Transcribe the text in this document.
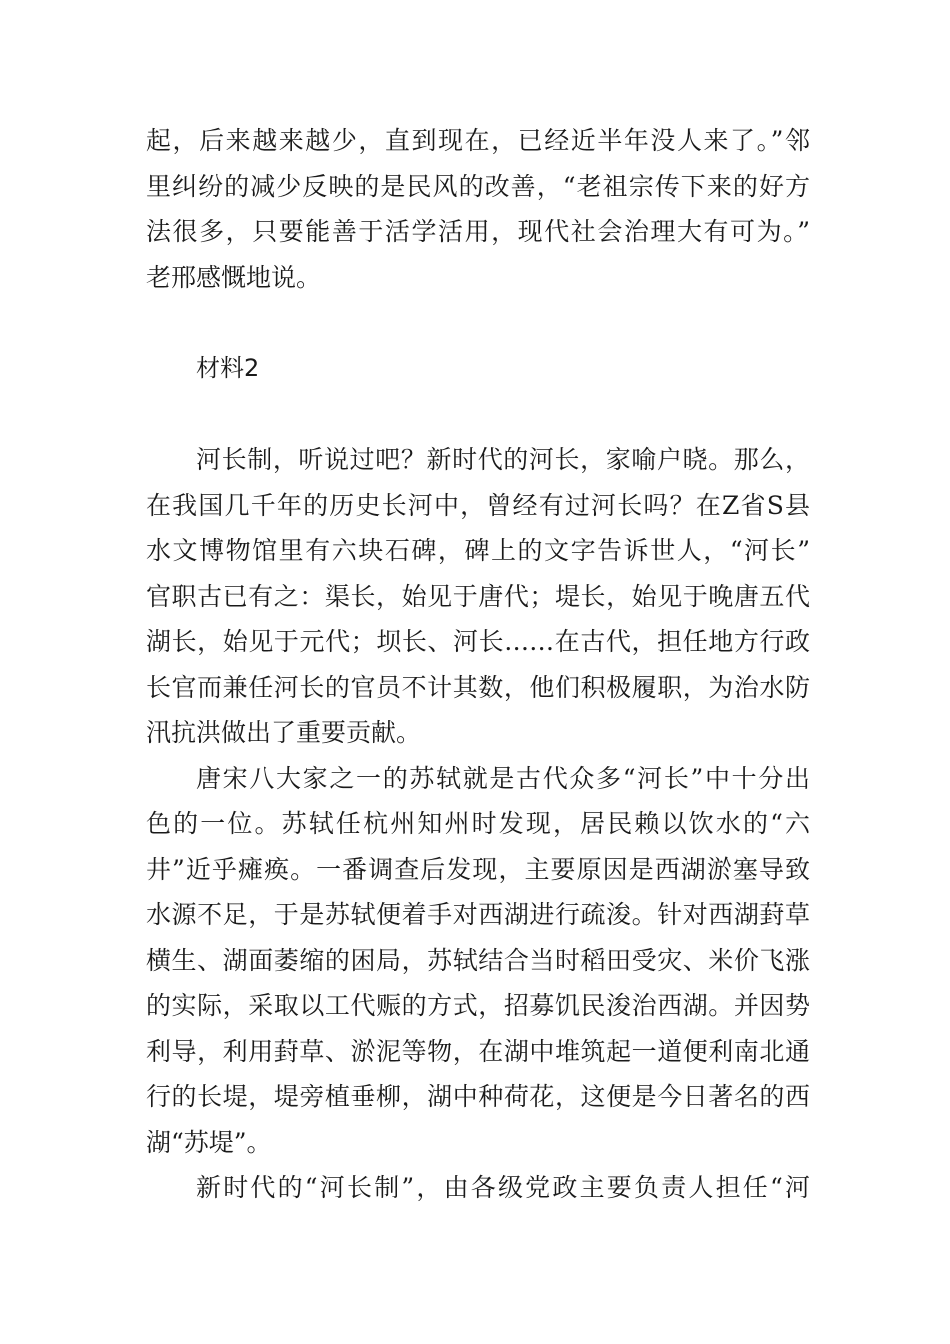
起，后来越来越少，直到现在，已经近半年没人来了。”邻
里纠纷的减少反映的是民风的改善，“老祖宗传下来的好方
法很多，只要能善于活学活用，现代社会治理大有可为。”
老邢感慨地说。

材料2

河长制，听说过吧？新时代的河长，家喻户晓。那么，
在我国几千年的历史长河中，曾经有过河长吗？在Z省S县
水文博物馆里有六块石碑，碑上的文字告诉世人，“河长”
官职古已有之：渠长，始见于唐代；堤长，始见于晚唐五代
湖长，始见于元代；坝长、河长……在古代，担任地方行政
长官而兼任河长的官员不计其数，他们积极履职，为治水防
汛抗洪做出了重要贡献。

唐宋八大家之一的苏轼就是古代众多“河长”中十分出
色的一位。苏轼任杭州知州时发现，居民赖以饮水的“六
井”近乎瘫痪。一番调查后发现，主要原因是西湖淤塞导致
水源不足，于是苏轼便着手对西湖进行疏浚。针对西湖葑草
横生、湖面萎缩的困局，苏轼结合当时稻田受灾、米价飞涨
的实际，采取以工代赈的方式，招募饥民浚治西湖。并因势
利导，利用葑草、淤泥等物，在湖中堆筑起一道便利南北通
行的长堤，堤旁植垂柳，湖中种荷花，这便是今日著名的西
湖“苏堤”。

新时代的“河长制”，由各级党政主要负责人担任“河
